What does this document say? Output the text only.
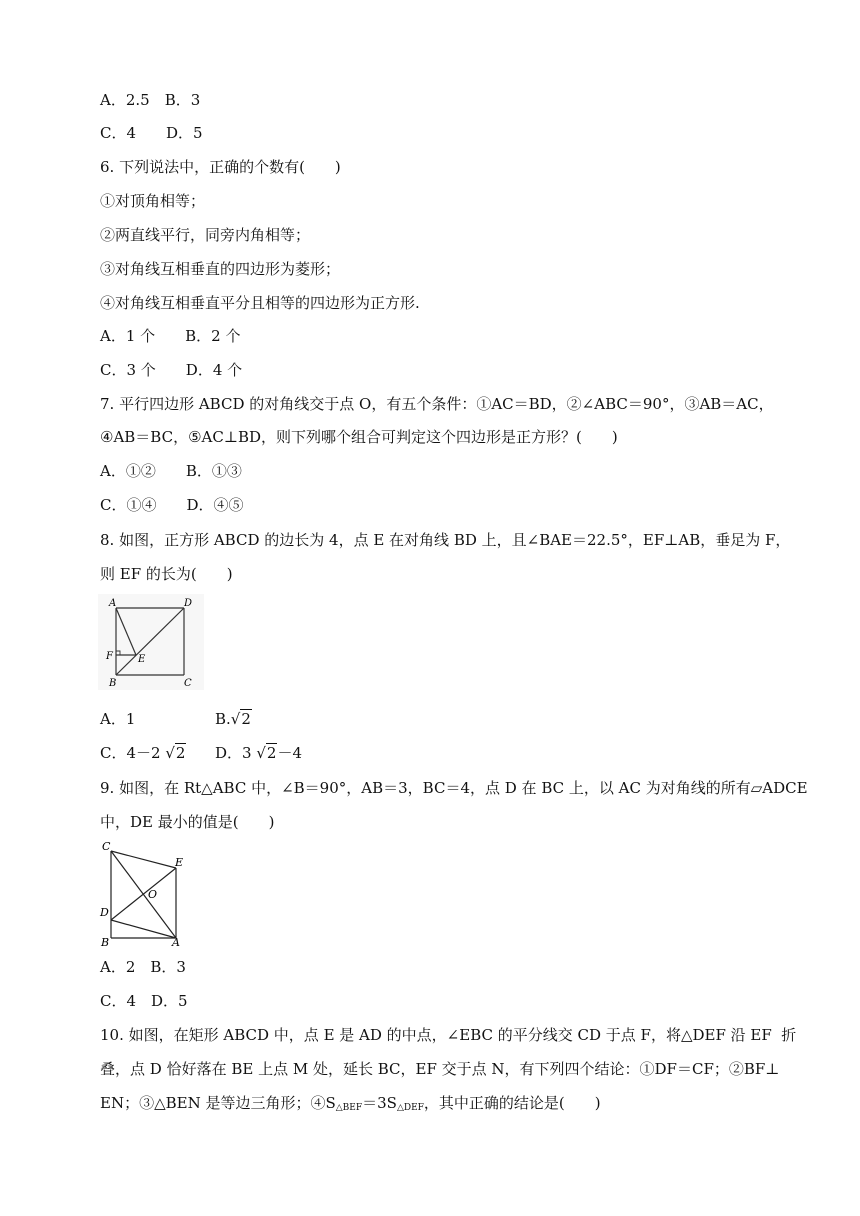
A．2.5　B．3
C．4　　D．5
6. 下列说法中，正确的个数有(　　)
①对顶角相等；
②两直线平行，同旁内角相等；
③对角线互相垂直的四边形为菱形；
④对角线互相垂直平分且相等的四边形为正方形.
A．1 个　　B．2 个
C．3 个　　D．4 个
7. 平行四边形 ABCD 的对角线交于点 O，有五个条件：①AC＝BD，②∠ABC＝90°，③AB＝AC，
④AB＝BC，⑤AC⊥BD，则下列哪个组合可判定这个四边形是正方形？(　　)
A．①②　　B．①③
C．①④　　D．④⑤
8. 如图，正方形 ABCD 的边长为 4，点 E 在对角线 BD 上，且∠BAE＝22.5°，EF⊥AB，垂足为 F，
则 EF 的长为(　　)
A	D
B	C
F	E
A．1	B.√2
C．4－2 √2 D．3 √2－4
9. 如图，在 Rt△ABC 中，∠B＝90°，AB＝3，BC＝4，点 D 在 BC 上，以 AC 为对角线的所有▱ADCE
中，DE 最小的值是(　　)
C
E
O
D
B	A
A．2　B．3
C．4　D．5
10. 如图，在矩形 ABCD 中，点 E 是 AD 的中点，∠EBC 的平分线交 CD 于点 F，将△DEF 沿 EF  折
叠，点 D 恰好落在 BE 上点 M 处，延长 BC，EF 交于点 N，有下列四个结论：①DF＝CF；②BF⊥
EN；③△BEN 是等边三角形；$④S_{\triangle BEF}=3S_{\triangle DEF}$，其中正确的结论是(　　)
